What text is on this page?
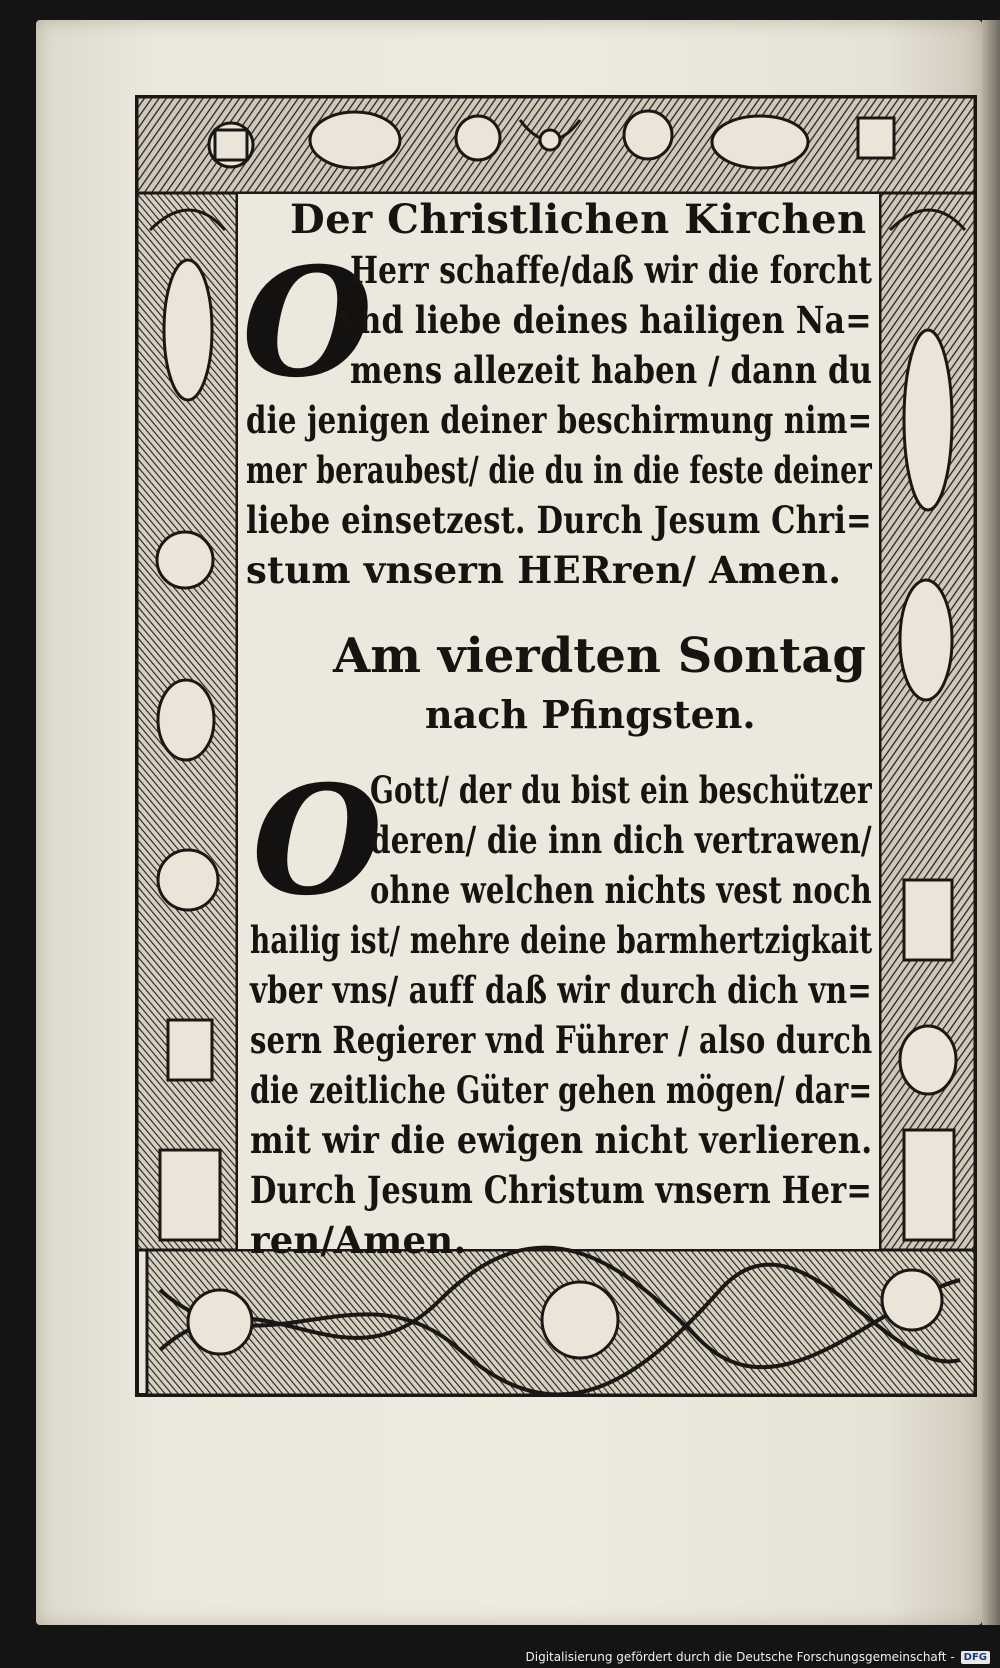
Der Christlichen Kirchen
O
Herr schaffe/daß wir die forcht
vnd liebe deines hailigen Na=
mens allezeit haben / dann du
die jenigen deiner beschirmung nim=
mer beraubest/ die du in die feste deiner
liebe einsetzest. Durch Jesum Chri=
stum vnsern HERren/ Amen.
Am vierdten Sontag
nach Pfingsten.
O
Gott/ der du bist ein beschützer
deren/ die inn dich vertrawen/
ohne welchen nichts vest noch
hailig ist/ mehre deine barmhertzigkait
vber vns/ auff daß wir durch dich vn=
sern Regierer vnd Führer / also durch
die zeitliche Güter gehen mögen/ dar=
mit wir die ewigen nicht verlieren.
Durch Jesum Christum vnsern Her=
ren/Amen.
Digitalisierung gefördert durch die Deutsche Forschungsgemeinschaft - DFG
